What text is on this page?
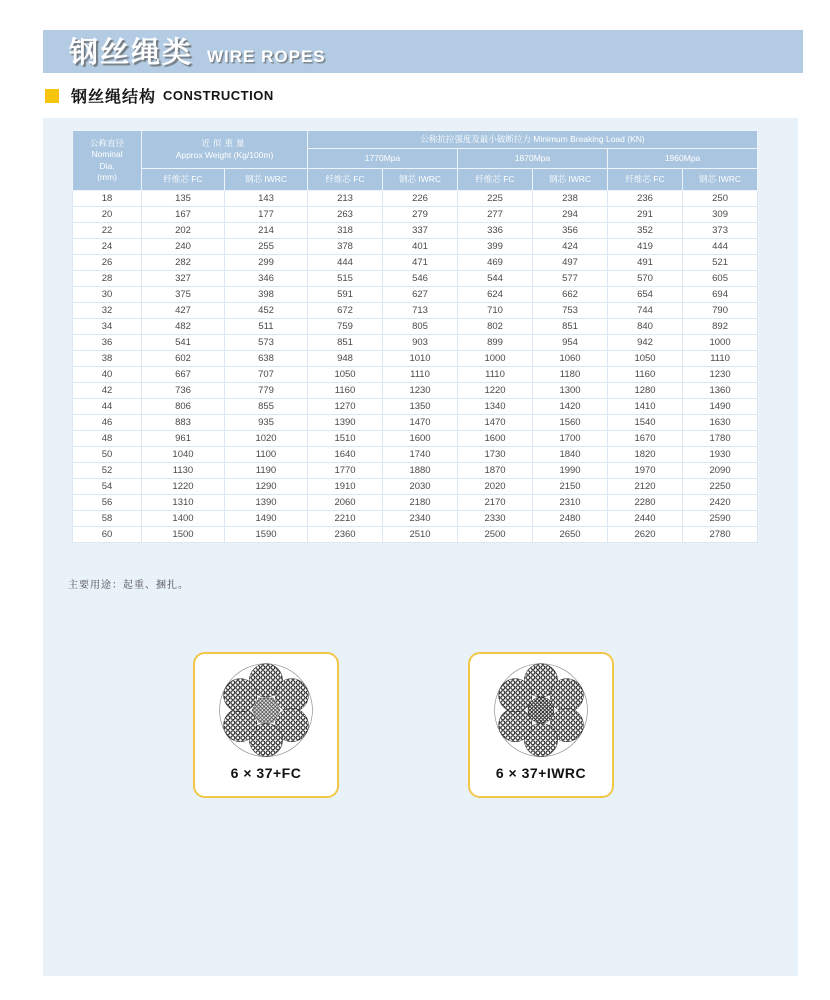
钢丝绳类 WIRE ROPES
钢丝绳结构 CONSTRUCTION
公称直径
Nominal
Dia.
(mm)

近似重量
Approx Weight (Kg/100m)
	公称抗拉强度及最小破断拉力 Minimum Breaking Load (KN)
			1770Mpa		1870Mpa		1960Mpa	
	纤维芯 FC	钢芯 IWRC	纤维芯 FC	钢芯 IWRC	纤维芯 FC	钢芯 IWRC	纤维芯 FC	钢芯 IWRC
18	135	143	213	226	225	238	236	250
20	167	177	263	279	277	294	291	309
22	202	214	318	337	336	356	352	373
24	240	255	378	401	399	424	419	444
26	282	299	444	471	469	497	491	521
28	327	346	515	546	544	577	570	605
30	375	398	591	627	624	662	654	694
32	427	452	672	713	710	753	744	790
34	482	511	759	805	802	851	840	892
36	541	573	851	903	899	954	942	1000
38	602	638	948	1010	1000	1060	1050	1110
40	667	707	1050	1110	1110	1180	1160	1230
42	736	779	1160	1230	1220	1300	1280	1360
44	806	855	1270	1350	1340	1420	1410	1490
46	883	935	1390	1470	1470	1560	1540	1630
48	961	1020	1510	1600	1600	1700	1670	1780
50	1040	1100	1640	1740	1730	1840	1820	1930
52	1130	1190	1770	1880	1870	1990	1970	2090
54	1220	1290	1910	2030	2020	2150	2120	2250
56	1310	1390	2060	2180	2170	2310	2280	2420
58	1400	1490	2210	2340	2330	2480	2440	2590
60	1500	1590	2360	2510	2500	2650	2620	2780
主要用途：起重、捆扎。
6 × 37+FC	6 × 37+IWRC
